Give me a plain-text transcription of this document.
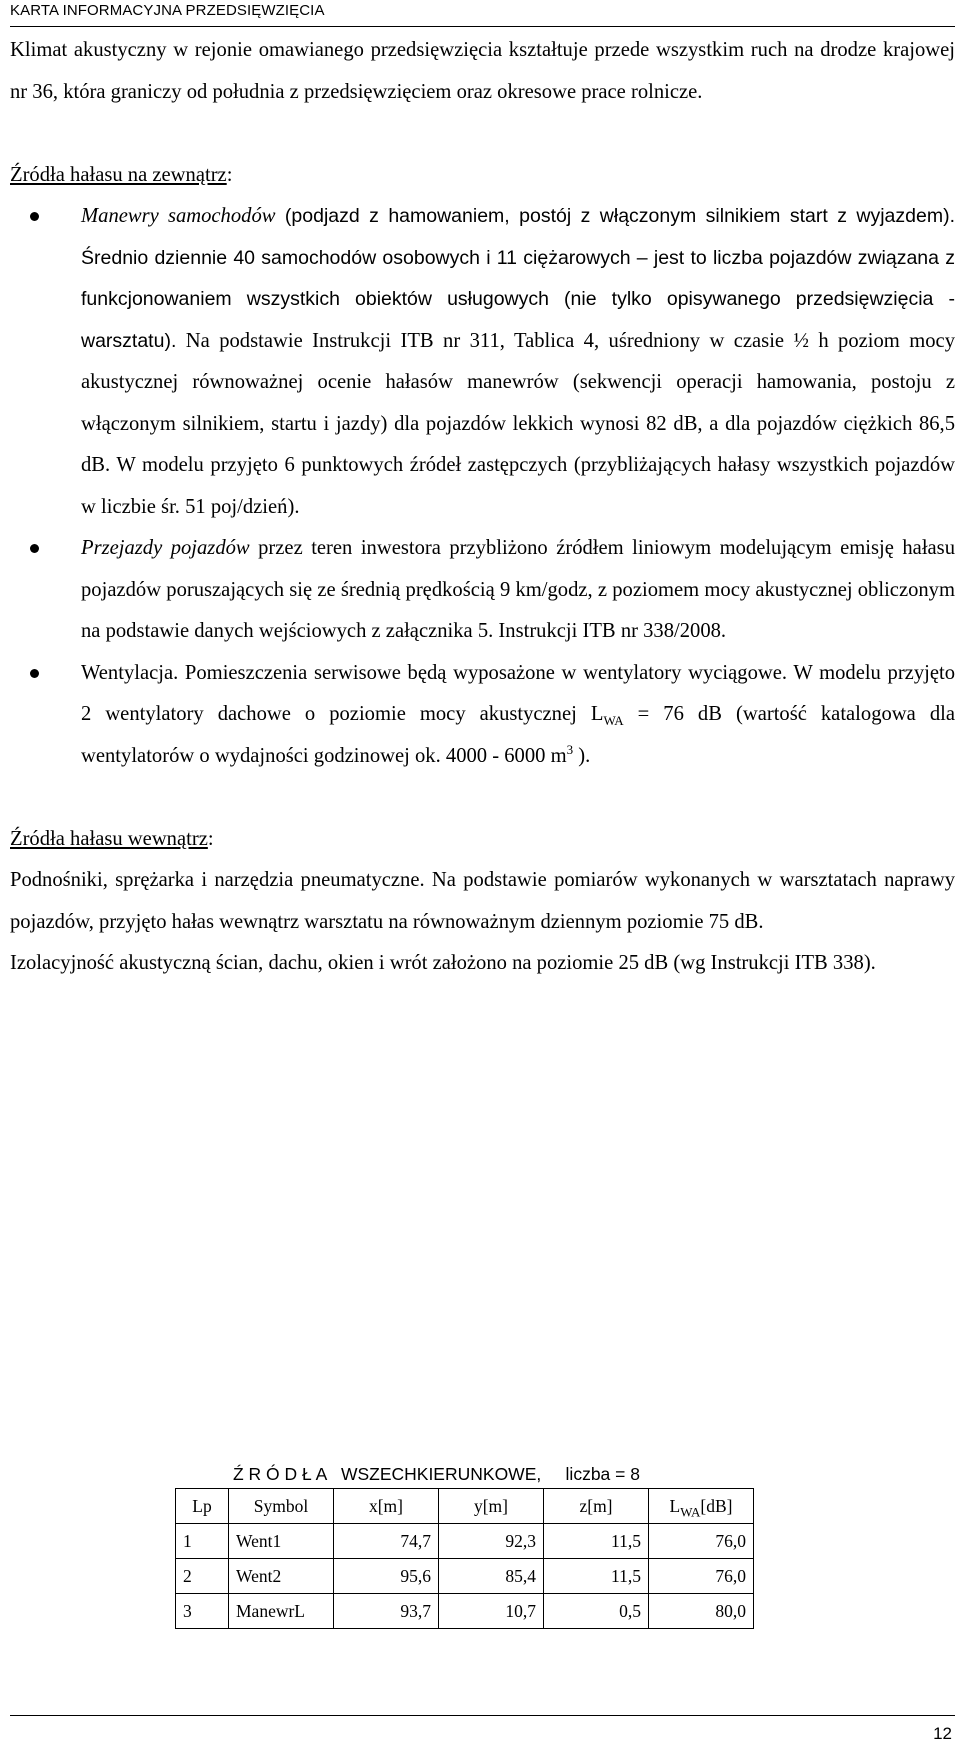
KARTA INFORMACYJNA PRZEDSIĘWZIĘCIA

Klimat akustyczny w rejonie omawianego przedsięwzięcia kształtuje przede wszystkim ruch na drodze krajowej nr 36, która graniczy od południa z przedsięwzięciem oraz okresowe prace rolnicze.

Źródła hałasu na zewnątrz:

Manewry samochodów (podjazd z hamowaniem, postój z włączonym silnikiem start z wyjazdem). Średnio dziennie 40 samochodów osobowych i 11 ciężarowych – jest to liczba pojazdów związana z funkcjonowaniem wszystkich obiektów usługowych (nie tylko opisywanego przedsięwzięcia - warsztatu). Na podstawie Instrukcji ITB nr 311, Tablica 4, uśredniony w czasie ½ h poziom mocy akustycznej równoważnej ocenie hałasów manewrów (sekwencji operacji hamowania, postoju z włączonym silnikiem, startu i jazdy) dla pojazdów lekkich wynosi 82 dB, a dla pojazdów ciężkich 86,5 dB. W modelu przyjęto 6 punktowych źródeł zastępczych (przybliżających hałasy wszystkich pojazdów w liczbie śr. 51 poj/dzień).
Przejazdy pojazdów przez teren inwestora przybliżono źródłem liniowym modelującym emisję hałasu pojazdów poruszających się ze średnią prędkością 9 km/godz, z poziomem mocy akustycznej obliczonym na podstawie danych wejściowych z załącznika 5. Instrukcji ITB nr 338/2008.
Wentylacja. Pomieszczenia serwisowe będą wyposażone w wentylatory wyciągowe. W modelu przyjęto 2 wentylatory dachowe o poziomie mocy akustycznej $L_{WA} = 76$ dB (wartość katalogowa dla wentylatorów o wydajności godzinowej ok. 4000 - 6000 $m^3$ ).

Źródła hałasu wewnątrz:

Podnośniki, sprężarka i narzędzia pneumatyczne. Na podstawie pomiarów wykonanych w warsztatach naprawy pojazdów, przyjęto hałas wewnątrz warsztatu na równoważnym dziennym poziomie 75 dB.

Izolacyjność akustyczną ścian, dachu, okien i wrót założono na poziomie 25 dB (wg Instrukcji ITB 338).

Ź R Ó D Ł A   WSZECHKIERUNKOWE,     liczba = 8
Lp	Symbol	x[m]	y[m]	z[m]	$L_{WA}[dB]$
1	Went1	74,7	92,3	11,5	76,0
2	Went2	95,6	85,4	11,5	76,0
3	ManewrL	93,7	10,7	0,5	80,0
12
